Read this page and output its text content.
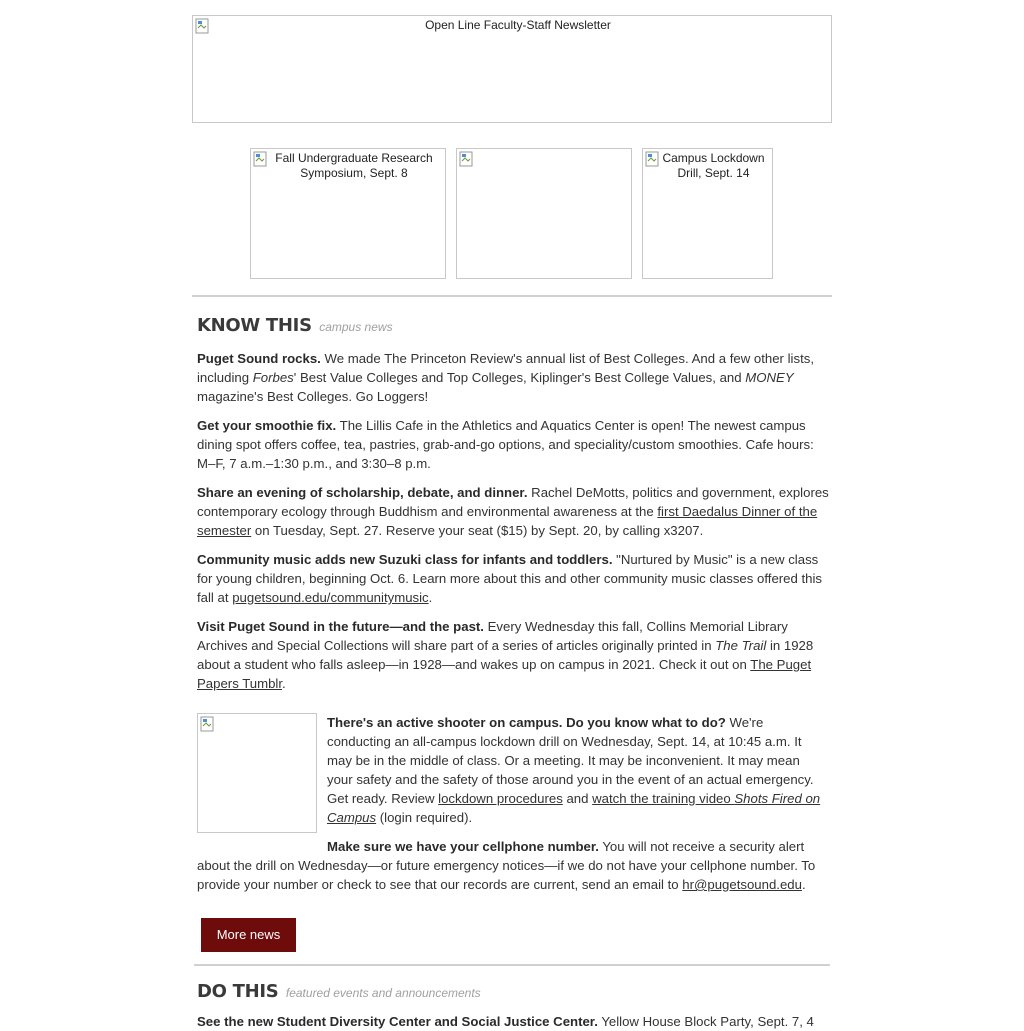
Open Line Faculty-Staff Newsletter
Fall Undergraduate Research Symposium, Sept. 8
Campus Lockdown Drill, Sept. 14
KNOW THIS campus news

Puget Sound rocks. We made The Princeton Review's annual list of Best Colleges. And a few other lists, including Forbes' Best Value Colleges and Top Colleges, Kiplinger's Best College Values, and MONEY magazine's Best Colleges. Go Loggers!

Get your smoothie fix. The Lillis Cafe in the Athletics and Aquatics Center is open! The newest campus dining spot offers coffee, tea, pastries, grab-and-go options, and speciality/custom smoothies. Cafe hours: M–F, 7 a.m.–1:30 p.m., and 3:30–8 p.m.

Share an evening of scholarship, debate, and dinner. Rachel DeMotts, politics and government, explores contemporary ecology through Buddhism and environmental awareness at the first Daedalus Dinner of the semester on Tuesday, Sept. 27. Reserve your seat ($15) by Sept. 20, by calling x3207.

Community music adds new Suzuki class for infants and toddlers. "Nurtured by Music" is a new class for young children, beginning Oct. 6. Learn more about this and other community music classes offered this fall at pugetsound.edu/communitymusic.

Visit Puget Sound in the future—and the past. Every Wednesday this fall, Collins Memorial Library Archives and Special Collections will share part of a series of articles originally printed in The Trail in 1928 about a student who falls asleep—in 1928—and wakes up on campus in 2021. Check it out on The Puget Papers Tumblr.

There's an active shooter on campus. Do you know what to do? We're conducting an all-campus lockdown drill on Wednesday, Sept. 14, at 10:45 a.m. It may be in the middle of class. Or a meeting. It may be inconvenient. It may mean your safety and the safety of those around you in the event of an actual emergency. Get ready. Review lockdown procedures and watch the training video Shots Fired on Campus (login required).

Make sure we have your cellphone number. You will not receive a security alert about the drill on Wednesday—or future emergency notices—if we do not have your cellphone number. To provide your number or check to see that our records are current, send an email to hr@pugetsound.edu.

More news
DO THIS featured events and announcements

See the new Student Diversity Center and Social Justice Center. Yellow House Block Party, Sept. 7, 4
